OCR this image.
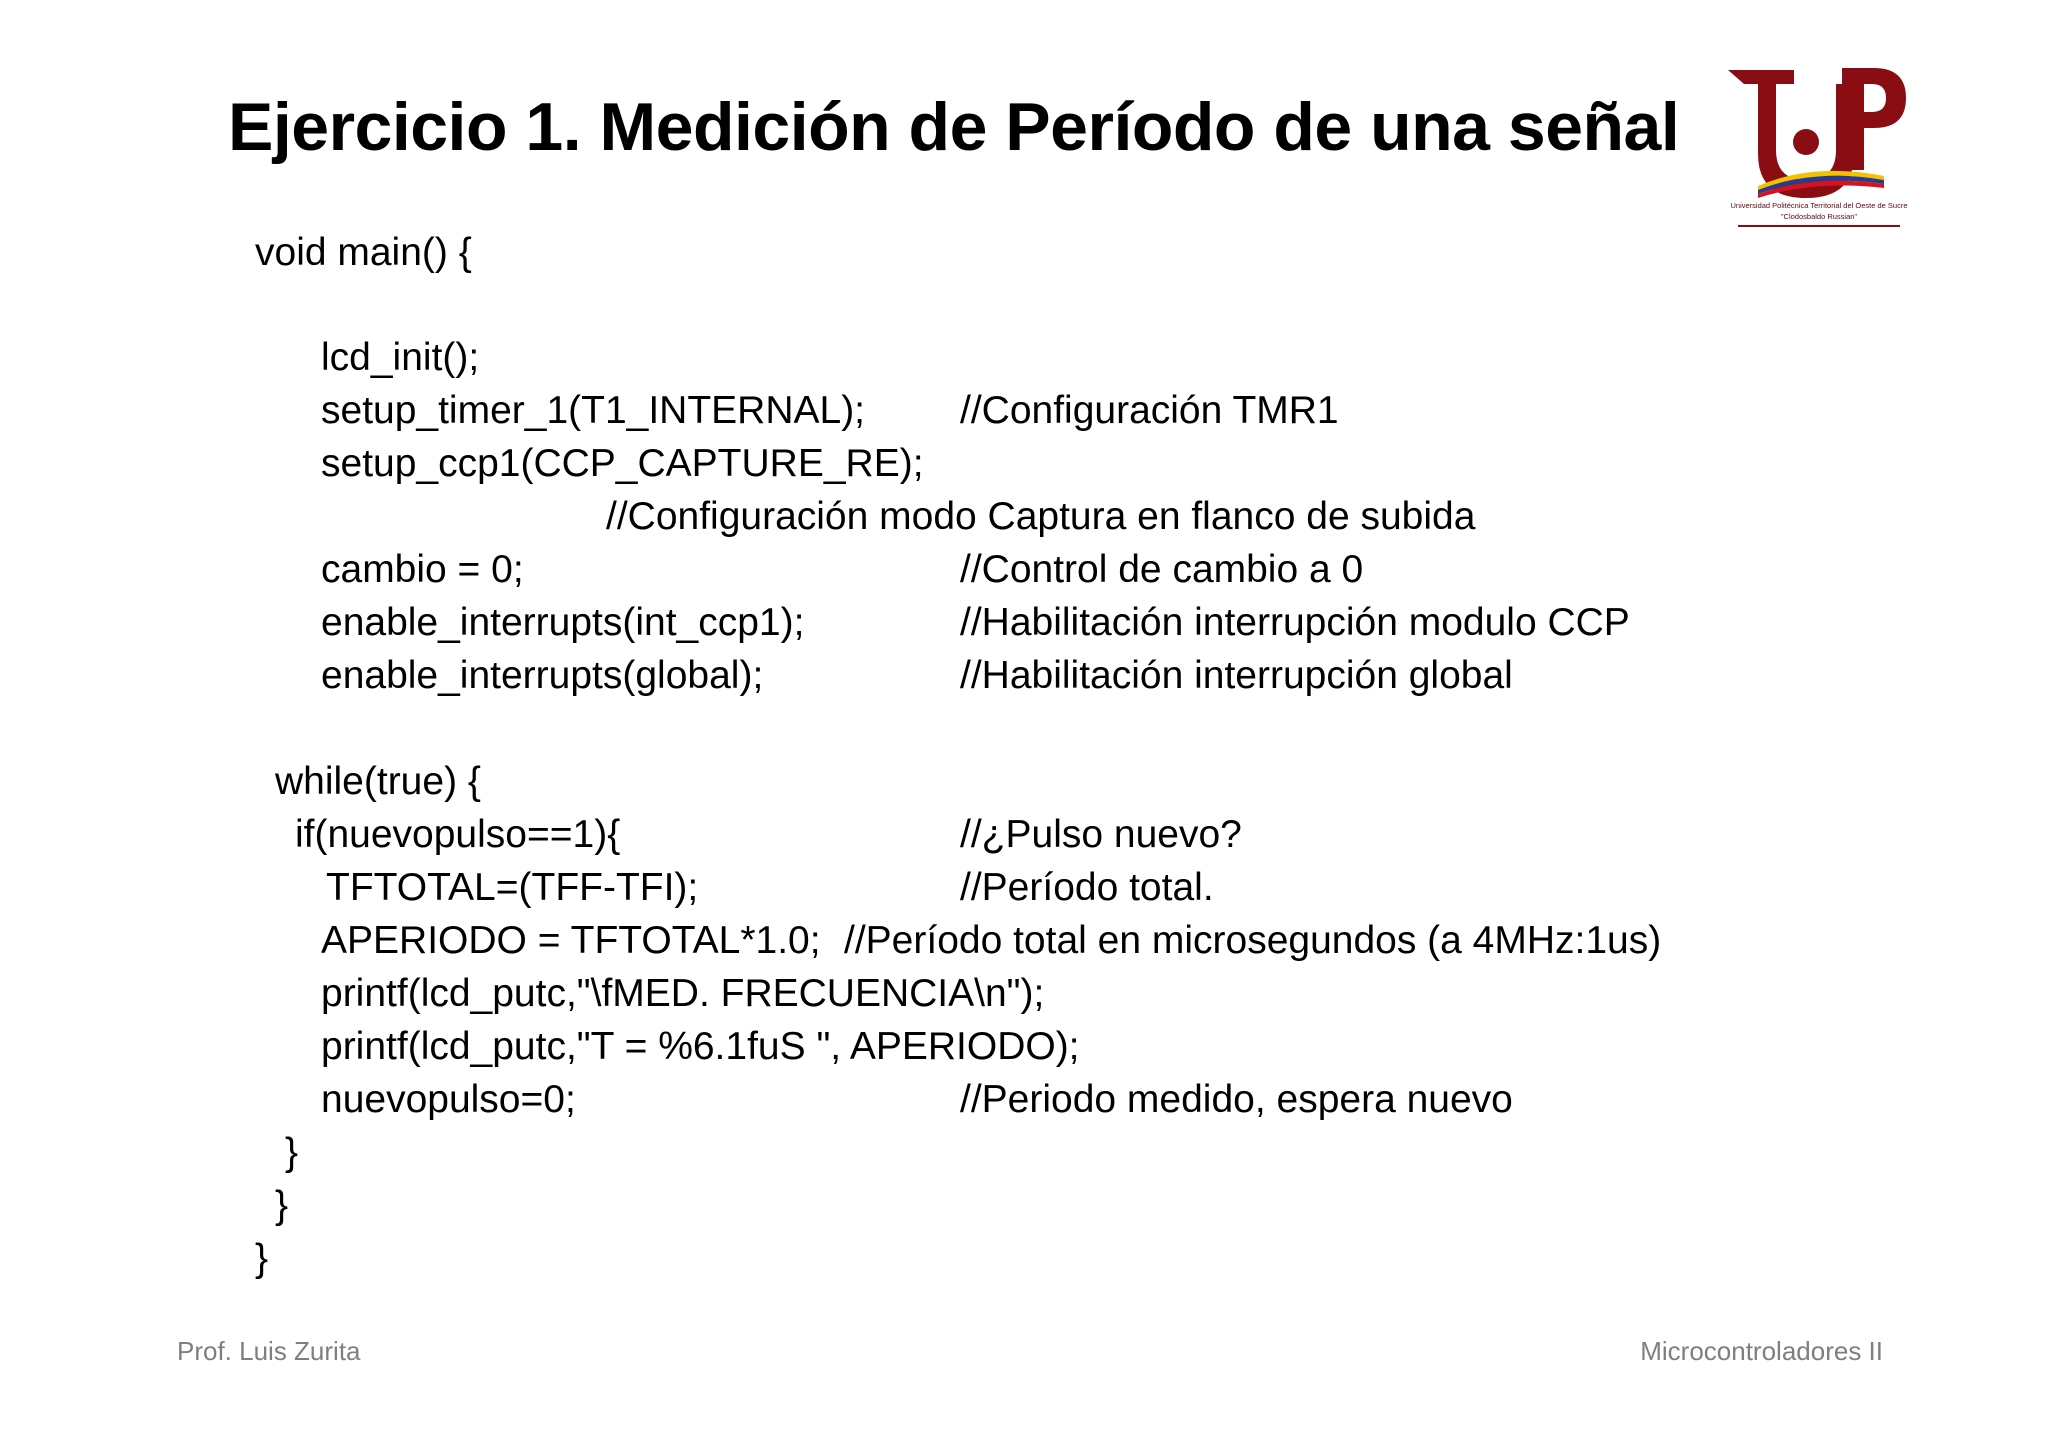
Ejercicio 1. Medición de Período de una señal
Universidad Politécnica Territorial del Oeste de Sucre
"Clodosbaldo Russian"
void main() {
lcd_init();
setup_timer_1(T1_INTERNAL); //Configuración TMR1
setup_ccp1(CCP_CAPTURE_RE);
//Configuración modo Captura en flanco de subida
cambio = 0;	//Control de cambio a 0
enable_interrupts(int_ccp1);	//Habilitación interrupción modulo CCP
enable_interrupts(global);	//Habilitación interrupción global
while(true) {
if(nuevopulso==1){	//¿Pulso nuevo?
TFTOTAL=(TFF-TFI);	//Período total.
APERIODO = TFTOTAL*1.0; //Período total en microsegundos (a 4MHz:1us)
printf(lcd_putc,"\fMED. FRECUENCIA\n");
printf(lcd_putc,"T = %6.1fuS ", APERIODO);
nuevopulso=0;	//Periodo medido, espera nuevo
}
}
}
Prof. Luis Zurita	Microcontroladores II
